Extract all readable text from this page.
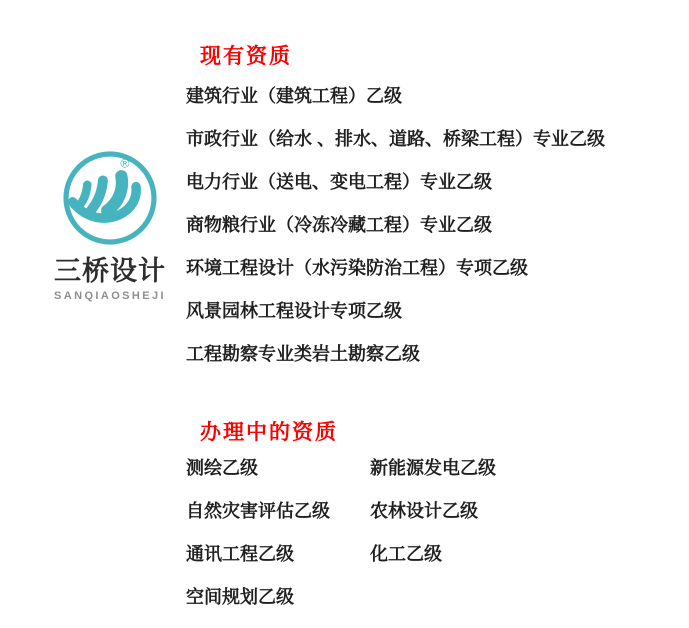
®
三桥设计
SANQIAOSHEJI
现有资质
建筑行业（建筑工程）乙级
市政行业（给水 、排水、道路、桥梁工程）专业乙级
电力行业（送电、变电工程）专业乙级
商物粮行业（冷冻冷藏工程）专业乙级
环境工程设计（水污染防治工程）专项乙级
风景园林工程设计专项乙级
工程勘察专业类岩土勘察乙级
办理中的资质
测绘乙级	新能源发电乙级
自然灾害评估乙级	农林设计乙级
通讯工程乙级	化工乙级
空间规划乙级
